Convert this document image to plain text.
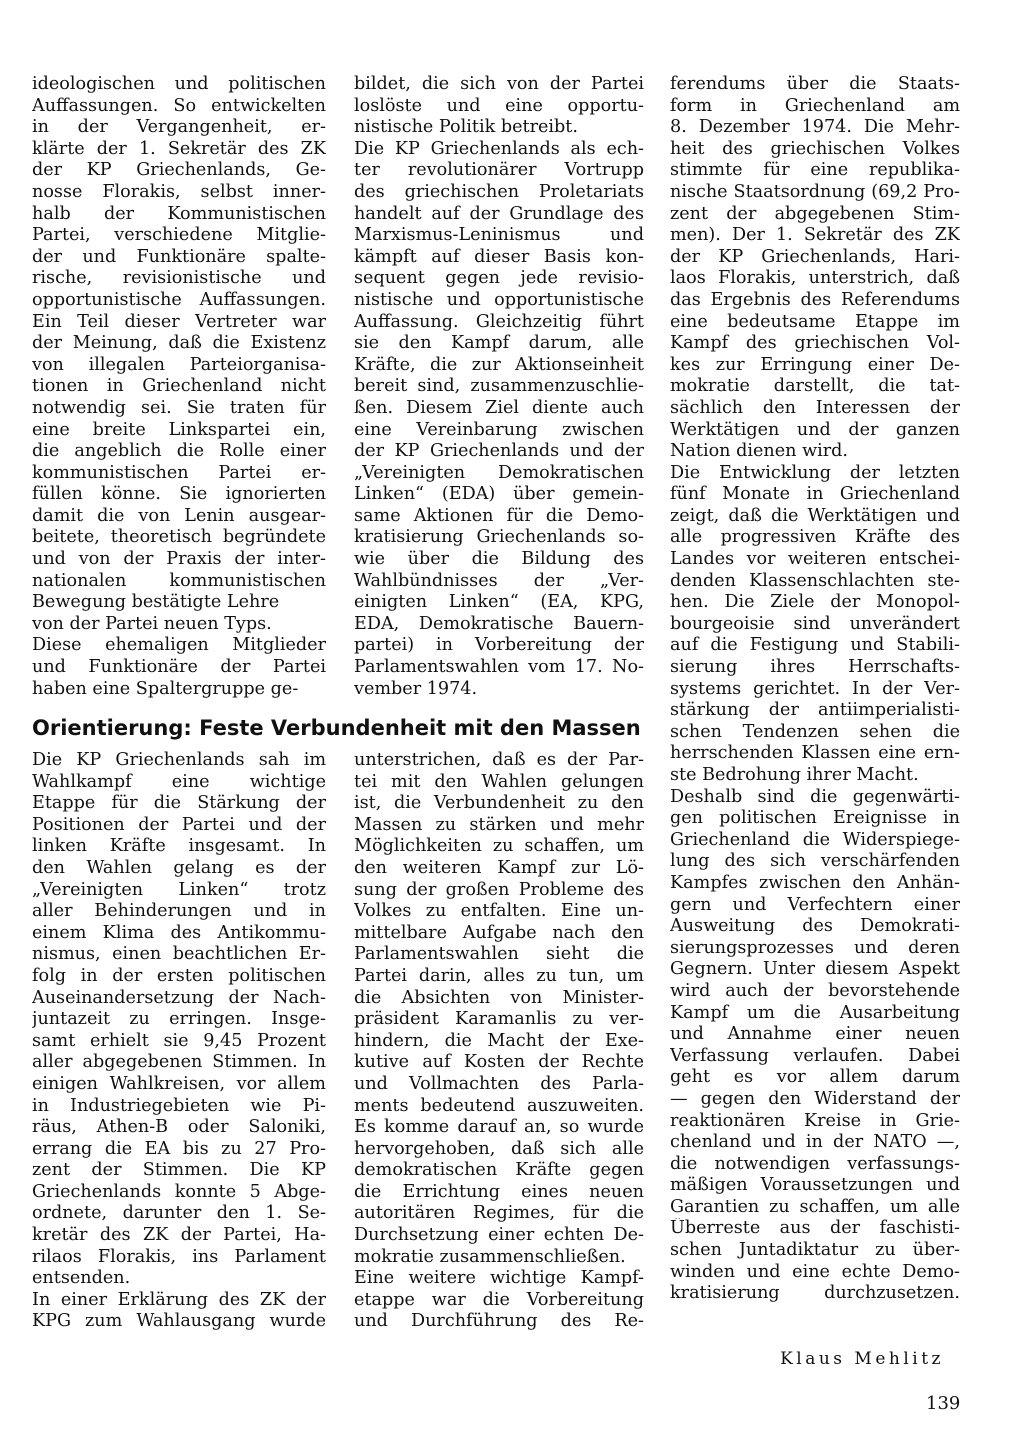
ideologischen und politischen
Auffassungen. So entwickelten
in der Vergangenheit, er-
klärte der 1. Sekretär des ZK
der KP Griechenlands, Ge-
nosse Florakis, selbst inner-
halb der Kommunistischen
Partei, verschiedene Mitglie-
der und Funktionäre spalte-
rische, revisionistische und
opportunistische Auffassungen.
Ein Teil dieser Vertreter war
der Meinung, daß die Existenz
von illegalen Parteiorganisa-
tionen in Griechenland nicht
notwendig sei. Sie traten für
eine breite Linkspartei ein,
die angeblich die Rolle einer
kommunistischen Partei er-
füllen könne. Sie ignorierten
damit die von Lenin ausgear-
beitete, theoretisch begründete
und von der Praxis der inter-
nationalen kommunistischen
Bewegung bestätigte Lehre
von der Partei neuen Typs.
Diese ehemaligen Mitglieder
und Funktionäre der Partei
haben eine Spaltergruppe ge-
bildet, die sich von der Partei
loslöste und eine opportu-
nistische Politik betreibt.
Die KP Griechenlands als ech-
ter revolutionärer Vortrupp
des griechischen Proletariats
handelt auf der Grundlage des
Marxismus-Leninismus und
kämpft auf dieser Basis kon-
sequent gegen jede revisio-
nistische und opportunistische
Auffassung. Gleichzeitig führt
sie den Kampf darum, alle
Kräfte, die zur Aktionseinheit
bereit sind, zusammenzuschlie-
ßen. Diesem Ziel diente auch
eine Vereinbarung zwischen
der KP Griechenlands und der
„Vereinigten Demokratischen
Linken“ (EDA) über gemein-
same Aktionen für die Demo-
kratisierung Griechenlands so-
wie über die Bildung des
Wahlbündnisses der „Ver-
einigten Linken“ (EA, KPG,
EDA, Demokratische Bauern-
partei) in Vorbereitung der
Parlamentswahlen vom 17. No-
vember 1974.
ferendums über die Staats-
form in Griechenland am
8. Dezember 1974. Die Mehr-
heit des griechischen Volkes
stimmte für eine republika-
nische Staatsordnung (69,2 Pro-
zent der abgegebenen Stim-
men). Der 1. Sekretär des ZK
der KP Griechenlands, Hari-
laos Florakis, unterstrich, daß
das Ergebnis des Referendums
eine bedeutsame Etappe im
Kampf des griechischen Vol-
kes zur Erringung einer De-
mokratie darstellt, die tat-
sächlich den Interessen der
Werktätigen und der ganzen
Nation dienen wird.
Die Entwicklung der letzten
fünf Monate in Griechenland
zeigt, daß die Werktätigen und
alle progressiven Kräfte des
Landes vor weiteren entschei-
denden Klassenschlachten ste-
hen. Die Ziele der Monopol-
bourgeoisie sind unverändert
auf die Festigung und Stabili-
sierung ihres Herrschafts-
systems gerichtet. In der Ver-
stärkung der antiimperialisti-
schen Tendenzen sehen die
herrschenden Klassen eine ern-
ste Bedrohung ihrer Macht.
Deshalb sind die gegenwärti-
gen politischen Ereignisse in
Griechenland die Widerspiege-
lung des sich verschärfenden
Kampfes zwischen den Anhän-
gern und Verfechtern einer
Ausweitung des Demokrati-
sierungsprozesses und deren
Gegnern. Unter diesem Aspekt
wird auch der bevorstehende
Kampf um die Ausarbeitung
und Annahme einer neuen
Verfassung verlaufen. Dabei
geht es vor allem darum
— gegen den Widerstand der
reaktionären Kreise in Grie-
chenland und in der NATO —,
die notwendigen verfassungs-
mäßigen Voraussetzungen und
Garantien zu schaffen, um alle
Überreste aus der faschisti-
schen Juntadiktatur zu über-
winden und eine echte Demo-
kratisierung durchzusetzen.
Orientierung: Feste Verbundenheit mit den Massen
Die KP Griechenlands sah im
Wahlkampf eine wichtige
Etappe für die Stärkung der
Positionen der Partei und der
linken Kräfte insgesamt. In
den Wahlen gelang es der
„Vereinigten Linken“ trotz
aller Behinderungen und in
einem Klima des Antikommu-
nismus, einen beachtlichen Er-
folg in der ersten politischen
Auseinandersetzung der Nach-
juntazeit zu erringen. Insge-
samt erhielt sie 9,45 Prozent
aller abgegebenen Stimmen. In
einigen Wahlkreisen, vor allem
in Industriegebieten wie Pi-
räus, Athen-B oder Saloniki,
errang die EA bis zu 27 Pro-
zent der Stimmen. Die KP
Griechenlands konnte 5 Abge-
ordnete, darunter den 1. Se-
kretär des ZK der Partei, Ha-
rilaos Florakis, ins Parlament
entsenden.
In einer Erklärung des ZK der
KPG zum Wahlausgang wurde
unterstrichen, daß es der Par-
tei mit den Wahlen gelungen
ist, die Verbundenheit zu den
Massen zu stärken und mehr
Möglichkeiten zu schaffen, um
den weiteren Kampf zur Lö-
sung der großen Probleme des
Volkes zu entfalten. Eine un-
mittelbare Aufgabe nach den
Parlamentswahlen sieht die
Partei darin, alles zu tun, um
die Absichten von Minister-
präsident Karamanlis zu ver-
hindern, die Macht der Exe-
kutive auf Kosten der Rechte
und Vollmachten des Parla-
ments bedeutend auszuweiten.
Es komme darauf an, so wurde
hervorgehoben, daß sich alle
demokratischen Kräfte gegen
die Errichtung eines neuen
autoritären Regimes, für die
Durchsetzung einer echten De-
mokratie zusammenschließen.
Eine weitere wichtige Kampf-
etappe war die Vorbereitung
und Durchführung des Re-
Klaus Mehlitz
139
